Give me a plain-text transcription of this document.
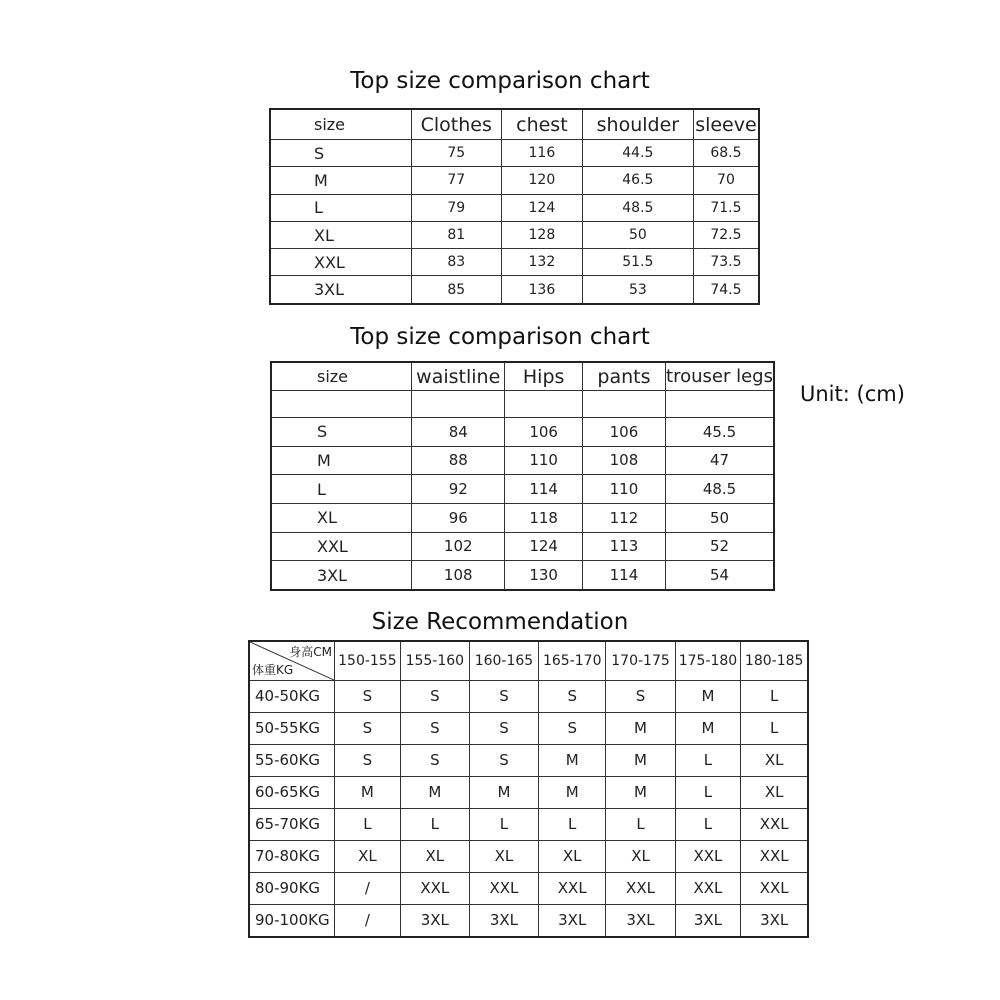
Top size comparison chart
size	Clothes	chest	shoulder	sleeve
S	75	116	44.5	68.5
M	77	120	46.5	70
L	79	124	48.5	71.5
XL	81	128	50	72.5
XXL	83	132	51.5	73.5
3XL	85	136	53	74.5
Top size comparison chart
size	waistline	Hips	pants	trouser legs

S	84	106	106	45.5
M	88	110	108	47
L	92	114	110	48.5
XL	96	118	112	50
XXL	102	124	113	52
3XL	108	130	114	54
Unit: (cm)
Size Recommendation
身高CM
体重KG	150-155	155-160	160-165	165-170	170-175	175-180	180-185
40-50KG	S	S	S	S	S	M	L
50-55KG	S	S	S	S	M	M	L
55-60KG	S	S	S	M	M	L	XL
60-65KG	M	M	M	M	M	L	XL
65-70KG	L	L	L	L	L	L	XXL
70-80KG	XL	XL	XL	XL	XL	XXL	XXL
80-90KG	/	XXL	XXL	XXL	XXL	XXL	XXL
90-100KG	/	3XL	3XL	3XL	3XL	3XL	3XL
